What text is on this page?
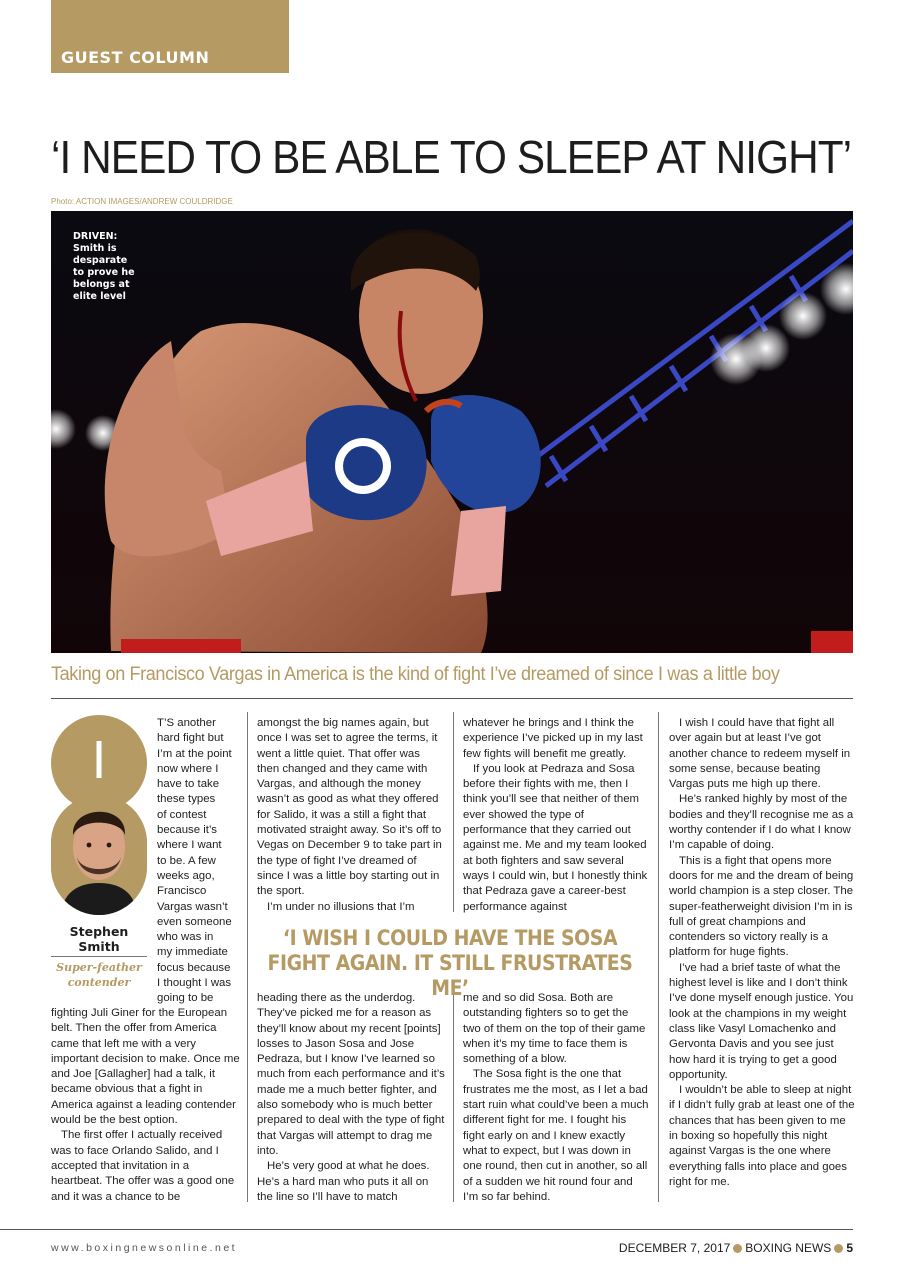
GUEST COLUMN
‘I NEED TO BE ABLE TO SLEEP AT NIGHT’
Photo: ACTION IMAGES/ANDREW COULDRIDGE
DRIVEN:
Smith is
desparate
to prove he
belongs at
elite level
Taking on Francisco Vargas in America is the kind of fight I’ve dreamed of since I was a little boy
I
Stephen
Smith
Super-feather
contender
T’S another
hard fight but
I’m at the point
now where I
have to take
these types
of contest
because it’s
where I want
to be. A few
weeks ago,
Francisco
Vargas wasn’t
even someone
who was in
my immediate
focus because
I thought I was
going to be

fighting Juli Giner for the European belt. Then the offer from America came that left me with a very important decision to make. Once me and Joe [Gallagher] had a talk, it became obvious that a fight in America against a leading contender would be the best option.

The first offer I actually received was to face Orlando Salido, and I accepted that invitation in a heartbeat. The offer was a good one and it was a chance to be

amongst the big names again, but once I was set to agree the terms, it went a little quiet. That offer was then changed and they came with Vargas, and although the money wasn’t as good as what they offered for Salido, it was a still a fight that motivated straight away. So it’s off to Vegas on December 9 to take part in the type of fight I’ve dreamed of since I was a little boy starting out in the sport.

I’m under no illusions that I’m

heading there as the underdog. They’ve picked me for a reason as they’ll know about my recent [points] losses to Jason Sosa and Jose Pedraza, but I know I’ve learned so much from each performance and it’s made me a much better fighter, and also somebody who is much better prepared to deal with the type of fight that Vargas will attempt to drag me into.

He’s very good at what he does. He’s a hard man who puts it all on the line so I’ll have to match

whatever he brings and I think the experience I’ve picked up in my last few fights will benefit me greatly.

If you look at Pedraza and Sosa before their fights with me, then I think you’ll see that neither of them ever showed the type of performance that they carried out against me. Me and my team looked at both fighters and saw several ways I could win, but I honestly think that Pedraza gave a career-best performance against

me and so did Sosa. Both are outstanding fighters so to get the two of them on the top of their game when it’s my time to face them is something of a blow.

The Sosa fight is the one that frustrates me the most, as I let a bad start ruin what could’ve been a much different fight for me. I fought his fight early on and I knew exactly what to expect, but I was down in one round, then cut in another, so all of a sudden we hit round four and I’m so far behind.

‘I WISH I COULD HAVE THE SOSA FIGHT AGAIN. IT STILL FRUSTRATES ME’

I wish I could have that fight all over again but at least I’ve got another chance to redeem myself in some sense, because beating Vargas puts me high up there.

He’s ranked highly by most of the bodies and they’ll recognise me as a worthy contender if I do what I know I’m capable of doing.

This is a fight that opens more doors for me and the dream of being world champion is a step closer. The super-featherweight division I’m in is full of great champions and contenders so victory really is a platform for huge fights.

I’ve had a brief taste of what the highest level is like and I don’t think I’ve done myself enough justice. You look at the champions in my weight class like Vasyl Lomachenko and Gervonta Davis and you see just how hard it is trying to get a good opportunity.

I wouldn’t be able to sleep at night if I didn’t fully grab at least one of the chances that has been given to me in boxing so hopefully this night against Vargas is the one where everything falls into place and goes right for me.

www.boxingnewsonline.net	DECEMBER 7, 2017 BOXING NEWS 5
